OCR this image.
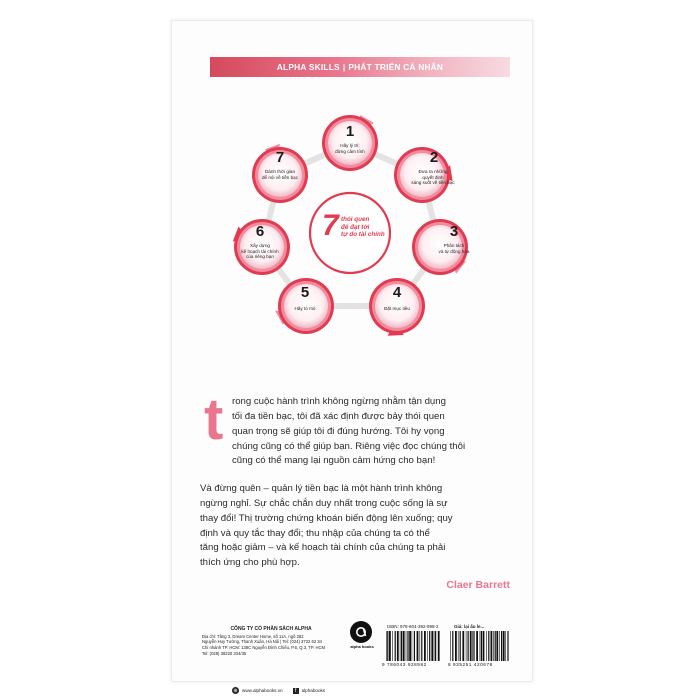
ALPHA SKILLS | PHÁT TRIỂN CÁ NHÂN
7 thói quen
để đạt tới
tự do tài chính
1
Hãy lý trí;
đừng cảm tính	2
Đưa ra những
quyết định
sáng suốt về tiền bạc
3
Phân tách
và tự động hóa
4
Đặt mục tiêu
5
Hãy tò mò
6
Xây dựng
kế hoạch tài chính
của riêng bạn
7
Dành thời gian
để nói về tiền bạc
t rong cuộc hành trình không ngừng nhằm tận dụng
tối đa tiền bạc, tôi đã xác định được bảy thói quen
quan trọng sẽ giúp tôi đi đúng hướng. Tôi hy vọng
chúng cũng có thể giúp bạn. Riêng việc đọc chúng thôi
cũng có thể mang lại nguồn cảm hứng cho bạn!
Và đừng quên – quản lý tiền bạc là một hành trình không
ngừng nghỉ. Sự chắc chắn duy nhất trong cuộc sống là sự
thay đổi! Thị trường chứng khoán biến động lên xuống; quy
định và quy tắc thay đổi; thu nhập của chúng ta có thể
tăng hoặc giảm – và kế hoạch tài chính của chúng ta phải
thích ứng cho phù hợp.
Claer Barrett
CÔNG TY CỔ PHẦN SÁCH ALPHA
Địa chỉ: Tầng 3, Dream Center Home, số 11A, ngõ 282
Nguyễn Huy Tưởng, Thanh Xuân, Hà Nội | Tel: (024) 3722 62 34
Chi nhánh TP. HCM: 138C Nguyễn Đình Chiểu, P.6, Q.3, TP. HCM
Tel: (028) 38220 334/35
⊕ www.alphabooks.vn	f	alphabooks
alpha books
ISBN: 978-604-392-898-2	Giá: lại ấu le...
9 786043 928982	8 935251 420678
